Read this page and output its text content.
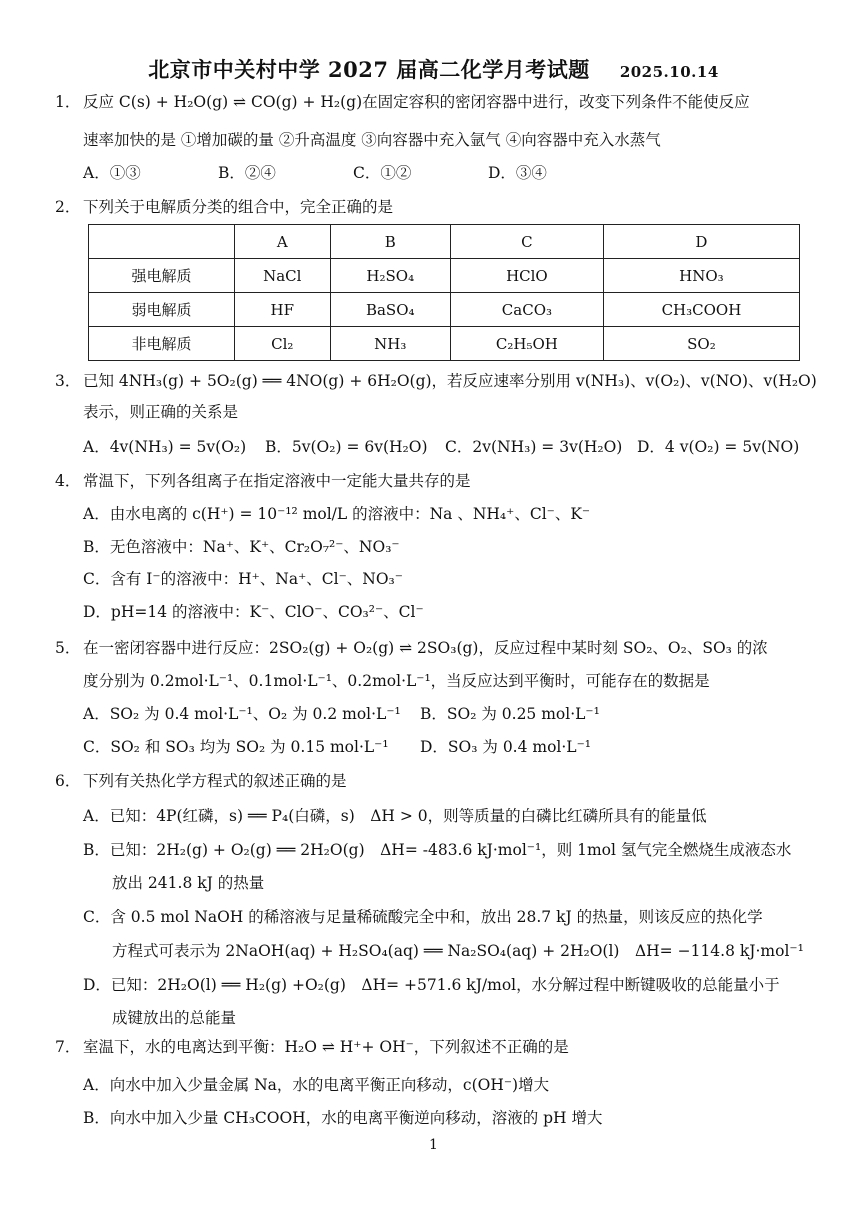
北京市中关村中学 2027 届高二化学月考试题 2025.10.14
1． 反应 C(s) + H₂O(g) ⇌ CO(g) + H₂(g)在固定容积的密闭容器中进行，改变下列条件不能使反应
速率加快的是 ①增加碳的量 ②升高温度 ③向容器中充入氩气 ④向容器中充入水蒸气
A．①③	B．②④	C．①②	D．③④
2． 下列关于电解质分类的组合中，完全正确的是
	A	B	C	D
强电解质	NaCl	H₂SO₄	HClO	HNO₃
弱电解质	HF	BaSO₄	CaCO₃	CH₃COOH
非电解质	Cl₂	NH₃	C₂H₅OH	SO₂
3． 已知 4NH₃(g) + 5O₂(g) ══ 4NO(g) + 6H₂O(g)，若反应速率分别用 v(NH₃)、v(O₂)、v(NO)、v(H₂O)
表示，则正确的关系是
A．4v(NH₃) = 5v(O₂) B．5v(O₂) = 6v(H₂O) C．2v(NH₃) = 3v(H₂O) D．4 v(O₂) = 5v(NO)
4． 常温下，下列各组离子在指定溶液中一定能大量共存的是
A．由水电离的 c(H⁺) = 10⁻¹² mol/L 的溶液中：Na 、NH₄⁺、Cl⁻、K⁻
B．无色溶液中：Na⁺、K⁺、Cr₂O₇²⁻、NO₃⁻
C．含有 I⁻的溶液中：H⁺、Na⁺、Cl⁻、NO₃⁻
D．pH=14 的溶液中：K⁻、ClO⁻、CO₃²⁻、Cl⁻
5． 在一密闭容器中进行反应：2SO₂(g) + O₂(g) ⇌ 2SO₃(g)，反应过程中某时刻 SO₂、O₂、SO₃ 的浓
度分别为 0.2mol·L⁻¹、0.1mol·L⁻¹、0.2mol·L⁻¹，当反应达到平衡时，可能存在的数据是
A．SO₂ 为 0.4 mol·L⁻¹、O₂ 为 0.2 mol·L⁻¹ B．SO₂ 为 0.25 mol·L⁻¹
C．SO₂ 和 SO₃ 均为 SO₂ 为 0.15 mol·L⁻¹ D．SO₃ 为 0.4 mol·L⁻¹
6． 下列有关热化学方程式的叙述正确的是
A．已知：4P(红磷，s) ══ P₄(白磷，s)　ΔH > 0，则等质量的白磷比红磷所具有的能量低
B．已知：2H₂(g) + O₂(g) ══ 2H₂O(g)　ΔH= -483.6 kJ·mol⁻¹，则 1mol 氢气完全燃烧生成液态水
放出 241.8 kJ 的热量
C．含 0.5 mol NaOH 的稀溶液与足量稀硫酸完全中和，放出 28.7 kJ 的热量，则该反应的热化学
方程式可表示为 2NaOH(aq) + H₂SO₄(aq) ══ Na₂SO₄(aq) + 2H₂O(l)　ΔH= −114.8 kJ·mol⁻¹
D．已知：2H₂O(l) ══ H₂(g) +O₂(g)　ΔH= +571.6 kJ/mol，水分解过程中断键吸收的总能量小于
成键放出的总能量
7． 室温下，水的电离达到平衡：H₂O ⇌ H⁺+ OH⁻，下列叙述不正确的是
A．向水中加入少量金属 Na，水的电离平衡正向移动，c(OH⁻)增大
B．向水中加入少量 CH₃COOH，水的电离平衡逆向移动，溶液的 pH 增大
1
